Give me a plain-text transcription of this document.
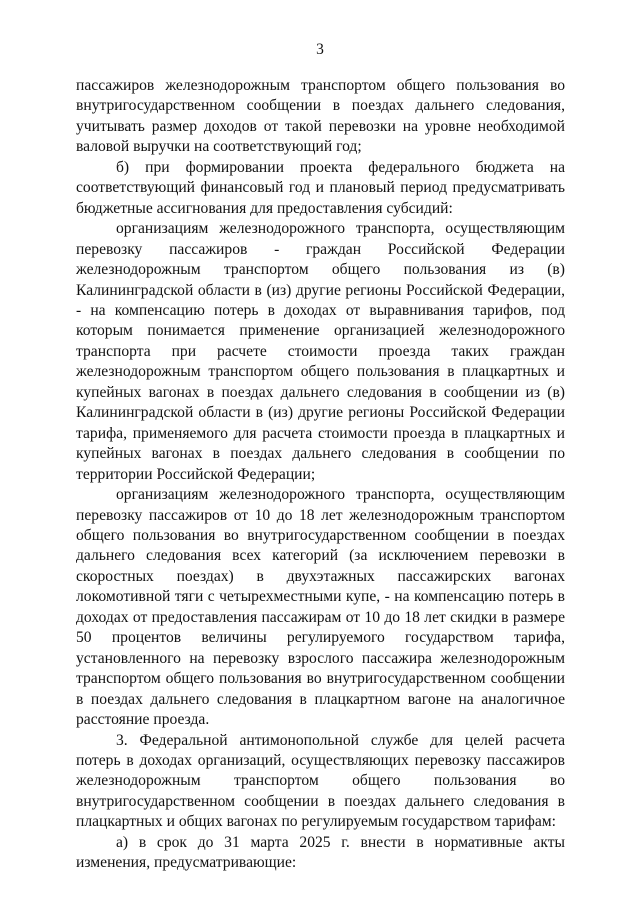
3

пассажиров железнодорожным транспортом общего пользования во внутригосударственном сообщении в поездах дальнего следования, учитывать размер доходов от такой перевозки на уровне необходимой валовой выручки на соответствующий год;

б) при формировании проекта федерального бюджета на соответствующий финансовый год и плановый период предусматривать бюджетные ассигнования для предоставления субсидий:

организациям железнодорожного транспорта, осуществляющим перевозку пассажиров - граждан Российской Федерации железнодорожным транспортом общего пользования из (в) Калининградской области в (из) другие регионы Российской Федерации, - на компенсацию потерь в доходах от выравнивания тарифов, под которым понимается применение организацией железнодорожного транспорта при расчете стоимости проезда таких граждан железнодорожным транспортом общего пользования в плацкартных и купейных вагонах в поездах дальнего следования в сообщении из (в) Калининградской области в (из) другие регионы Российской Федерации тарифа, применяемого для расчета стоимости проезда в плацкартных и купейных вагонах в поездах дальнего следования в сообщении по территории Российской Федерации;

организациям железнодорожного транспорта, осуществляющим перевозку пассажиров от 10 до 18 лет железнодорожным транспортом общего пользования во внутригосударственном сообщении в поездах дальнего следования всех категорий (за исключением перевозки в скоростных поездах) в двухэтажных пассажирских вагонах локомотивной тяги с четырехместными купе, - на компенсацию потерь в доходах от предоставления пассажирам от 10 до 18 лет скидки в размере 50 процентов величины регулируемого государством тарифа, установленного на перевозку взрослого пассажира железнодорожным транспортом общего пользования во внутригосударственном сообщении в поездах дальнего следования в плацкартном вагоне на аналогичное расстояние проезда.

3. Федеральной антимонопольной службе для целей расчета потерь в доходах организаций, осуществляющих перевозку пассажиров железнодорожным транспортом общего пользования во внутригосударственном сообщении в поездах дальнего следования в плацкартных и общих вагонах по регулируемым государством тарифам:

а) в срок до 31 марта 2025 г. внести в нормативные акты изменения, предусматривающие:
